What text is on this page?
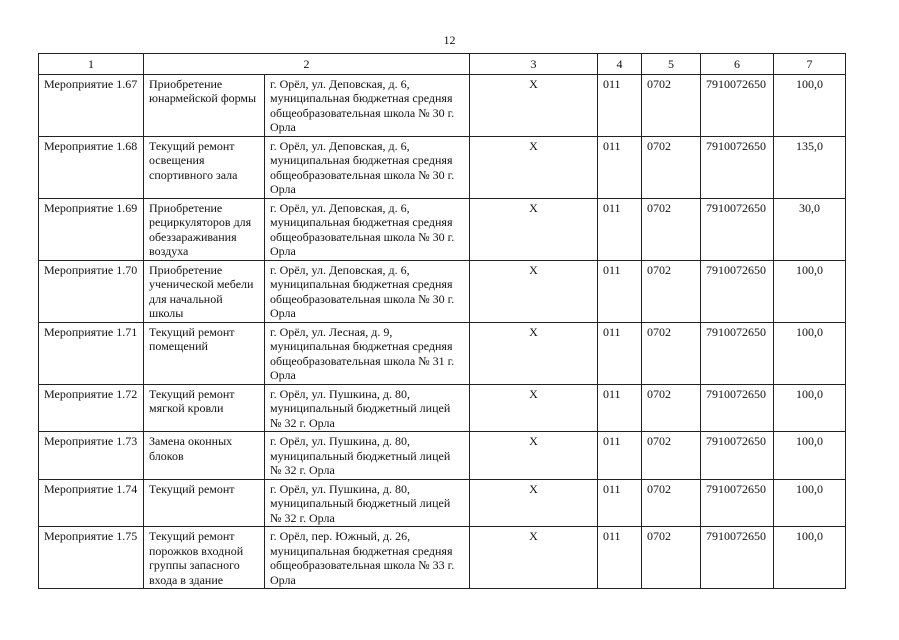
12
1	2		3	4	5	6	7
Мероприятие 1.67	Приобретение юнармейской формы	г. Орёл, ул. Деповская, д. 6, муниципальная бюджетная средняя общеобразовательная школа № 30 г. Орла	X	011	0702	7910072650	100,0
Мероприятие 1.68	Текущий ремонт освещения спортивного зала	г. Орёл, ул. Деповская, д. 6, муниципальная бюджетная средняя общеобразовательная школа № 30 г. Орла	X	011	0702	7910072650	135,0
Мероприятие 1.69	Приобретение рециркуляторов для обеззараживания воздуха	г. Орёл, ул. Деповская, д. 6, муниципальная бюджетная средняя общеобразовательная школа № 30 г. Орла	X	011	0702	7910072650	30,0
Мероприятие 1.70	Приобретение ученической мебели для начальной школы	г. Орёл, ул. Деповская, д. 6, муниципальная бюджетная средняя общеобразовательная школа № 30 г. Орла	X	011	0702	7910072650	100,0
Мероприятие 1.71	Текущий ремонт помещений	г. Орёл, ул. Лесная, д. 9, муниципальная бюджетная средняя общеобразовательная школа № 31 г. Орла	X	011	0702	7910072650	100,0
Мероприятие 1.72	Текущий ремонт мягкой кровли	г. Орёл, ул. Пушкина, д. 80, муниципальный бюджетный лицей № 32 г. Орла	X	011	0702	7910072650	100,0
Мероприятие 1.73	Замена оконных блоков	г. Орёл, ул. Пушкина, д. 80, муниципальный бюджетный лицей № 32 г. Орла	X	011	0702	7910072650	100,0
Мероприятие 1.74	Текущий ремонт	г. Орёл, ул. Пушкина, д. 80, муниципальный бюджетный лицей № 32 г. Орла	X	011	0702	7910072650	100,0
Мероприятие 1.75	Текущий ремонт порожков входной группы запасного входа в здание	г. Орёл, пер. Южный, д. 26, муниципальная бюджетная средняя общеобразовательная школа № 33 г. Орла	X	011	0702	7910072650	100,0
